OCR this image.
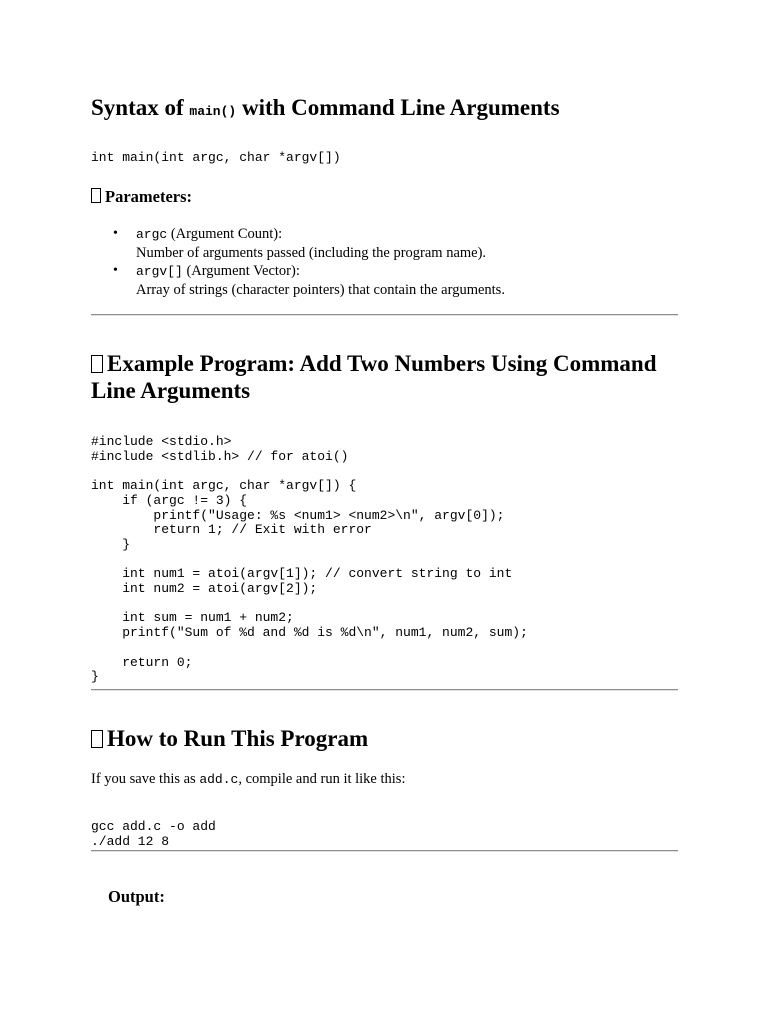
Syntax of main() with Command Line Arguments
int main(int argc, char *argv[])
Parameters:
• argc (Argument Count):
Number of arguments passed (including the program name).
• argv[] (Argument Vector):
Array of strings (character pointers) that contain the arguments.
Example Program: Add Two Numbers Using Command Line Arguments
#include <stdio.h>
#include <stdlib.h> // for atoi()

int main(int argc, char *argv[]) {
if (argc != 3) {
printf("Usage: %s <num1> <num2>\n", argv[0]);
return 1; // Exit with error
}

int num1 = atoi(argv[1]); // convert string to int
int num2 = atoi(argv[2]);

int sum = num1 + num2;
printf("Sum of %d and %d is %d\n", num1, num2, sum);

return 0;
}
How to Run This Program

If you save this as add.c, compile and run it like this:

gcc add.c -o add
./add 12 8
Output:
